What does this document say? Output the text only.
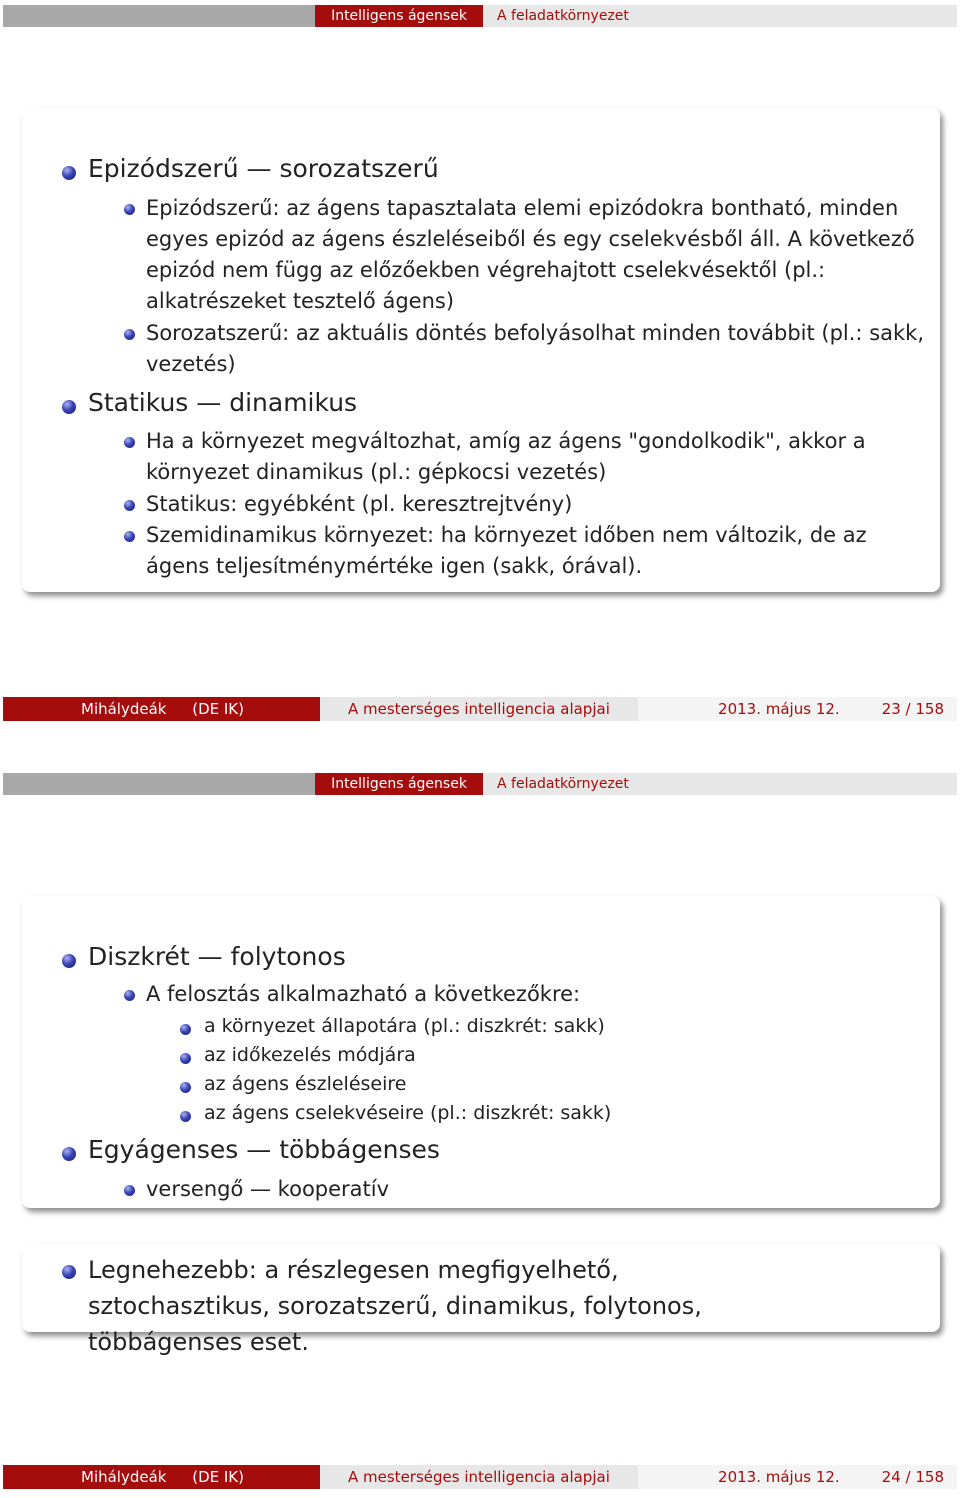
Intelligens ágensek	A feladatkörnyezet
Epizódszerű — sorozatszerű
Epizódszerű: az ágens tapasztalata elemi epizódokra bontható, minden egyes epizód az ágens észleléseiből és egy cselekvésből áll. A következő epizód nem függ az előzőekben végrehajtott cselekvésektől (pl.: alkatrészeket tesztelő ágens)
Sorozatszerű: az aktuális döntés befolyásolhat minden továbbit (pl.: sakk, vezetés)
Statikus — dinamikus
Ha a környezet megváltozhat, amíg az ágens "gondolkodik", akkor a környezet dinamikus (pl.: gépkocsi vezetés)
Statikus: egyébként (pl. keresztrejtvény)
Szemidinamikus környezet: ha környezet időben nem változik, de az ágens teljesítménymértéke igen (sakk, órával).
Mihálydeák (DE IK)	A mesterséges intelligencia alapjai	2013. május 12.	23 / 158
Intelligens ágensek	A feladatkörnyezet
Diszkrét — folytonos
A felosztás alkalmazható a következőkre:
a környezet állapotára (pl.: diszkrét: sakk)
az időkezelés módjára
az ágens észleléseire
az ágens cselekvéseire (pl.: diszkrét: sakk)
Egyágenses — többágenses
versengő — kooperatív
Legnehezebb: a részlegesen megfigyelhető, sztochasztikus, sorozatszerű, dinamikus, folytonos, többágenses eset.
Mihálydeák (DE IK)	A mesterséges intelligencia alapjai	2013. május 12.	24 / 158
